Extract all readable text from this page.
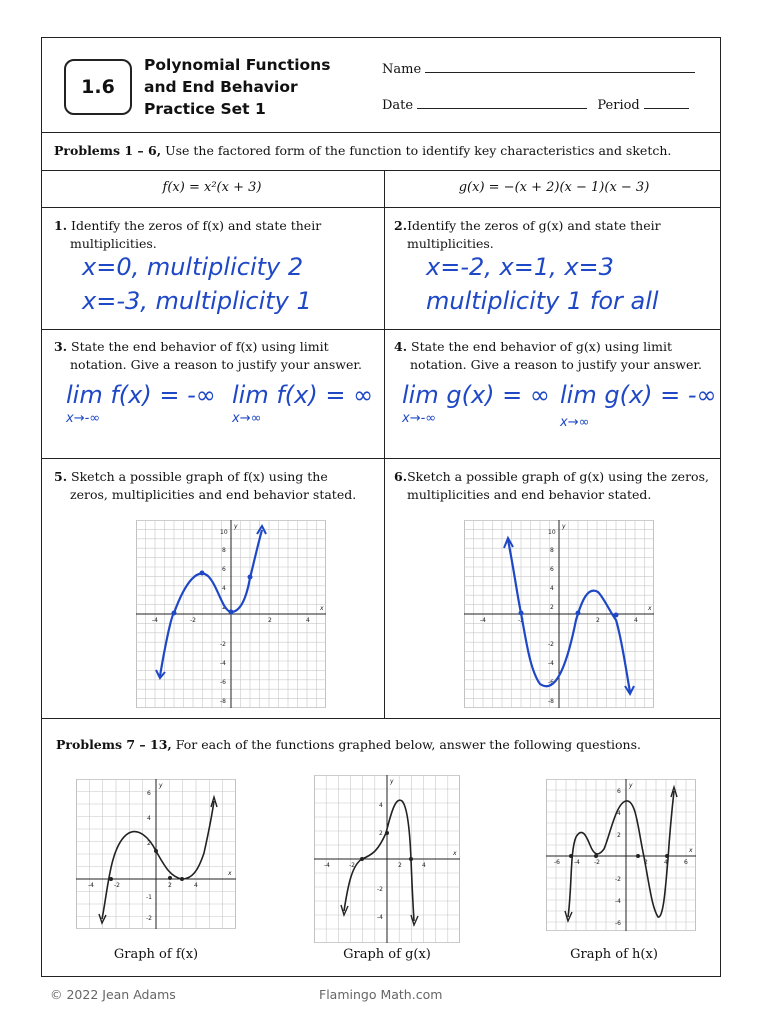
1.6
Polynomial Functions
and End Behavior
Practice Set 1
Name
Date	Period
Problems 1 – 6, Use the factored form of the function to identify key characteristics and sketch.
f(x) = x²(x + 3)	g(x) = −(x + 2)(x − 1)(x − 3)
1. Identify the zeros of f(x) and state their
multiplicities.
x=0, multiplicity 2
x=-3, multiplicity 1
2.Identify the zeros of g(x) and state their
multiplicities.
x=-2, x=1, x=3
multiplicity 1 for all
3. State the end behavior of f(x) using limit
notation. Give a reason to justify your answer.
lim f(x) = -∞
x→-∞
lim f(x) = ∞
x→∞
4. State the end behavior of g(x) using limit
notation. Give a reason to justify your answer.
lim g(x) = ∞
x→-∞
lim g(x) = -∞
x→∞
5. Sketch a possible graph of f(x) using the
zeros, multiplicities and end behavior stated.
6.Sketch a possible graph of g(x) using the zeros,
multiplicities and end behavior stated.
-4	-2	2	4
10
8
6
4
2
-2
-4
-6
-8
y
x
-4	-2	2	4
10
8
6
4
2
-2
-4
-6
-8
y
x
Problems 7 – 13, For each of the functions graphed below, answer the following questions.
-4	-2	2	4
6
4
2
-2
-1
y
x
Graph of f(x)
-4	-2	2	4
4
2
-2
-4
y
x
Graph of g(x)
-6 -4 -2	2	4	6
6
4
2
-2
-4
-6
y
x
Graph of h(x)
© 2022 Jean Adams	Flamingo Math.com
